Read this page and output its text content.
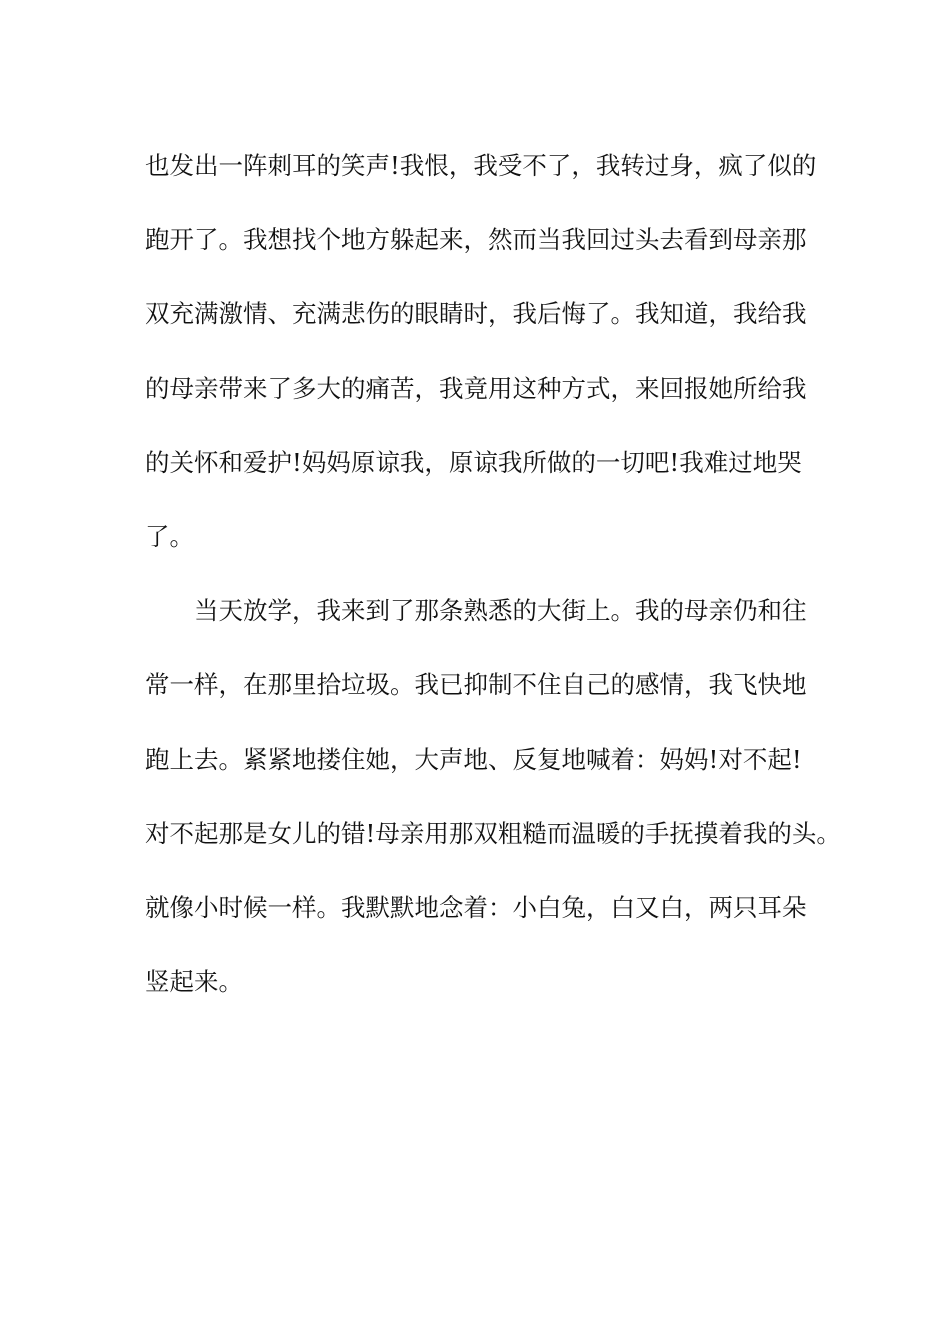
也发出一阵刺耳的笑声!我恨，我受不了，我转过身，疯了似的
跑开了。我想找个地方躲起来，然而当我回过头去看到母亲那
双充满激情、充满悲伤的眼睛时，我后悔了。我知道，我给我
的母亲带来了多大的痛苦，我竟用这种方式，来回报她所给我
的关怀和爱护!妈妈原谅我，原谅我所做的一切吧!我难过地哭
了。
当天放学，我来到了那条熟悉的大街上。我的母亲仍和往
常一样，在那里拾垃圾。我已抑制不住自己的感情，我飞快地
跑上去。紧紧地搂住她，大声地、反复地喊着：妈妈!对不起!
对不起那是女儿的错!母亲用那双粗糙而温暖的手抚摸着我的头。
就像小时候一样。我默默地念着：小白兔，白又白，两只耳朵
竖起来。
